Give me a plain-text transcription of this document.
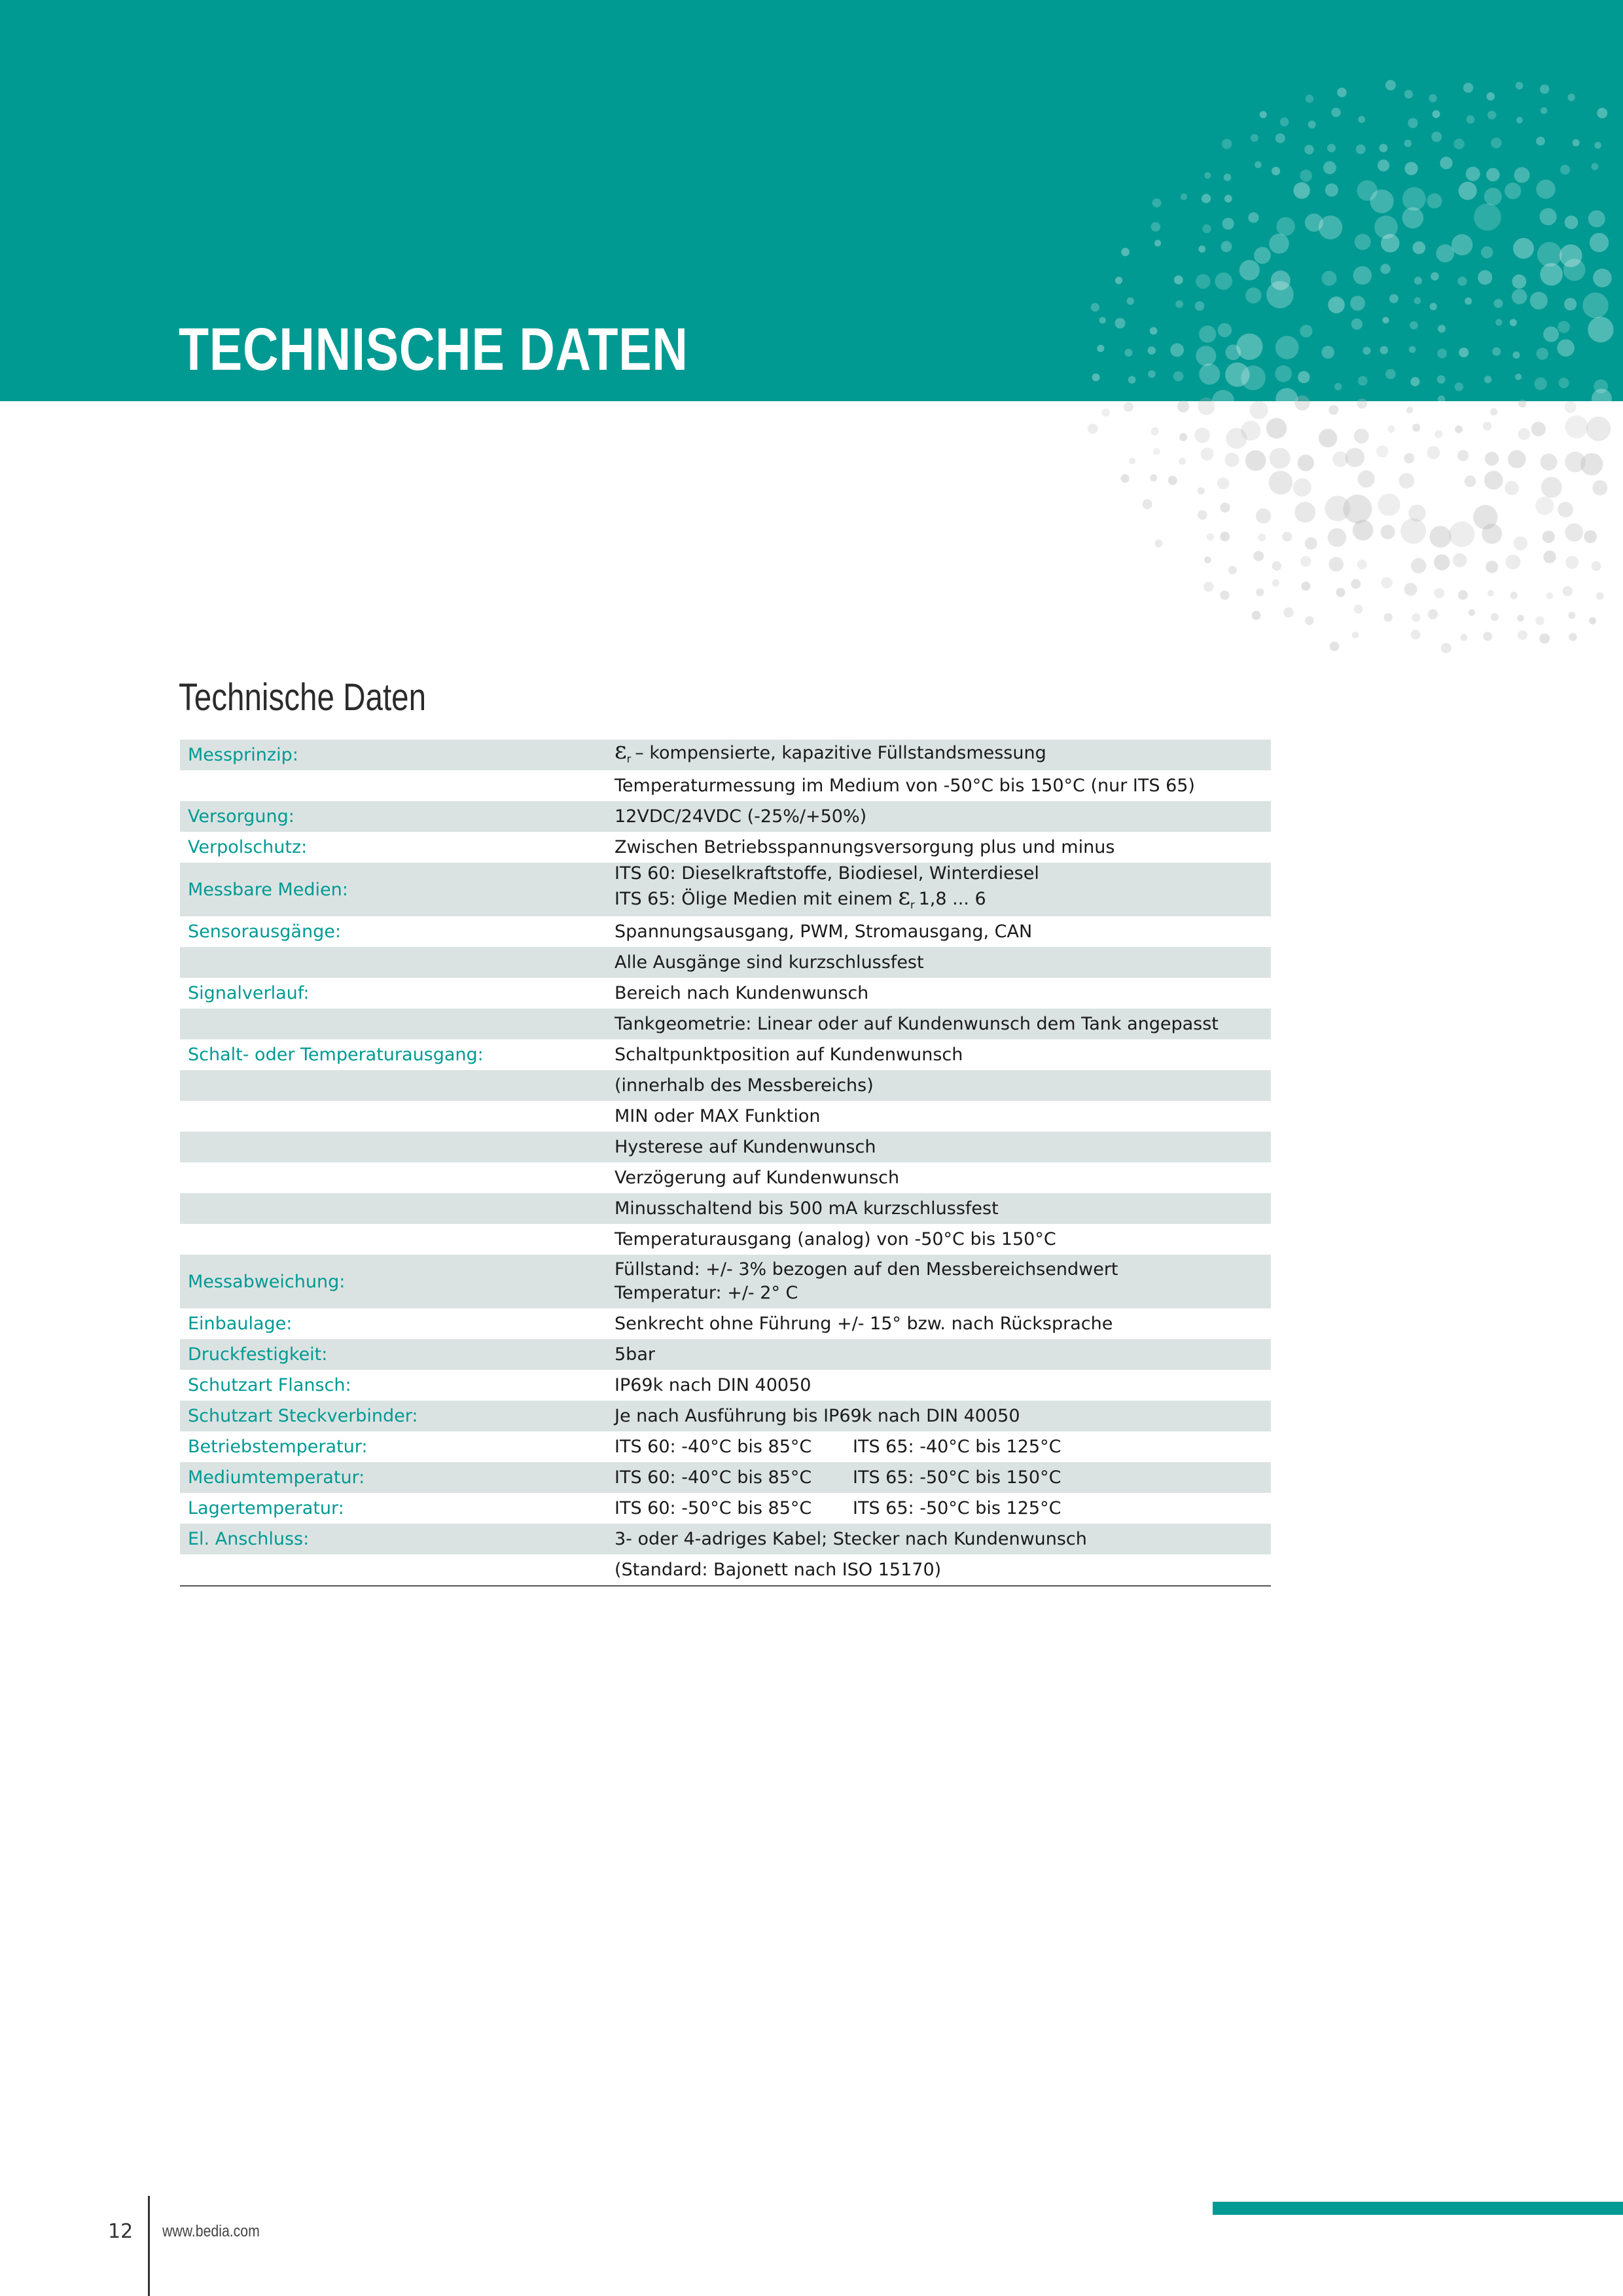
TECHNISCHE DATEN
Technische Daten
Messprinzip:	$\varepsilon_r$ – kompensierte, kapazitive Füllstandsmessung
Temperaturmessung im Medium von -50°C bis 150°C (nur ITS 65)
Versorgung:	12VDC/24VDC (-25%/+50%)
Verpolschutz:	Zwischen Betriebsspannungsversorgung plus und minus
Messbare Medien:
ITS 60: Dieselkraftstoffe, Biodiesel, Winterdiesel
ITS 65: Ölige Medien mit einem $\varepsilon_r$ 1,8 ... 6
Sensorausgänge:	Spannungsausgang, PWM, Stromausgang, CAN
Alle Ausgänge sind kurzschlussfest
Signalverlauf:	Bereich nach Kundenwunsch
Tankgeometrie: Linear oder auf Kundenwunsch dem Tank angepasst
Schalt- oder Temperaturausgang:	Schaltpunktposition auf Kundenwunsch
(innerhalb des Messbereichs)
MIN oder MAX Funktion
Hysterese auf Kundenwunsch
Verzögerung auf Kundenwunsch
Minusschaltend bis 500 mA kurzschlussfest
Temperaturausgang (analog) von -50°C bis 150°C
Messabweichung:
Füllstand: +/- 3% bezogen auf den Messbereichsendwert
Temperatur: +/- 2° C
Einbaulage:	Senkrecht ohne Führung +/- 15° bzw. nach Rücksprache
Druckfestigkeit:	5bar
Schutzart Flansch:	IP69k nach DIN 40050
Schutzart Steckverbinder:	Je nach Ausführung bis IP69k nach DIN 40050
Betriebstemperatur:	ITS 60: -40°C bis 85°C ITS 65: -40°C bis 125°C
Mediumtemperatur:	ITS 60: -40°C bis 85°C ITS 65: -50°C bis 150°C
Lagertemperatur:	ITS 60: -50°C bis 85°C ITS 65: -50°C bis 125°C
El. Anschluss:	3- oder 4-adriges Kabel; Stecker nach Kundenwunsch
(Standard: Bajonett nach ISO 15170)
12 www.bedia.com
